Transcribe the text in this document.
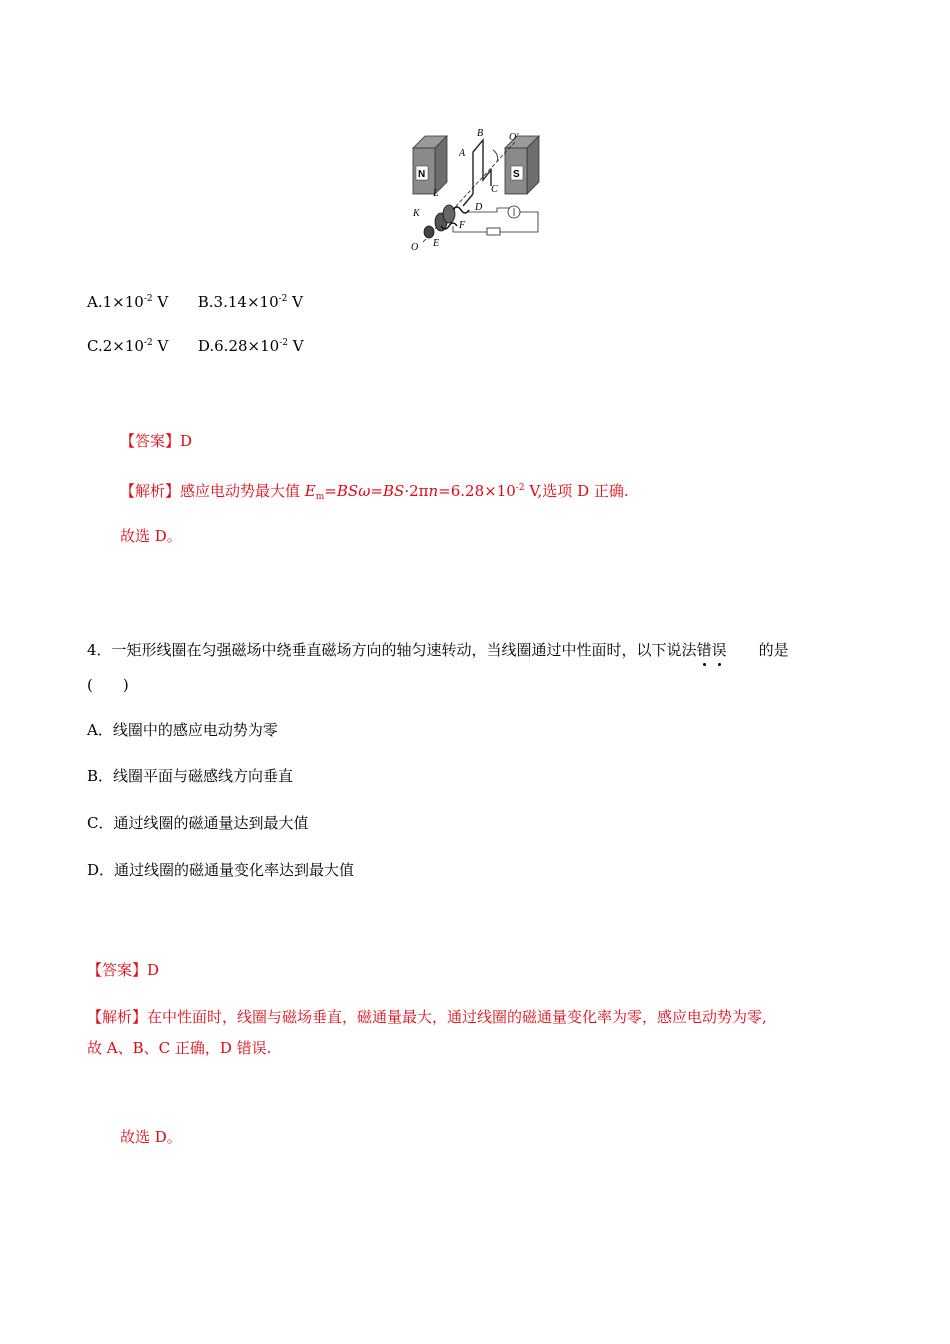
B	O′
A
L	C
K
D
F
O E
N	S
$A.1\times 10^{-2}$ V $B.3.14\times 10^{-2}$ V
$C.2\times 10^{-2}$ V $D.6.28\times 10^{-2}$ V
【答案】D
【解析】感应电动势最大值 $E_m=BS\omega=BS\cdot 2\pi n=6.28\times 10^{-2}$ V,选项 D 正确.
故选 D。
4．一矩形线圈在匀强磁场中绕垂直磁场方向的轴匀速转动，当线圈通过中性面时，以下说法错误 的是
(　　)
A．线圈中的感应电动势为零
B．线圈平面与磁感线方向垂直
C．通过线圈的磁通量达到最大值
D．通过线圈的磁通量变化率达到最大值
【答案】D
【解析】在中性面时，线圈与磁场垂直，磁通量最大，通过线圈的磁通量变化率为零，感应电动势为零,
故 A、B、C 正确，D 错误.
故选 D。
